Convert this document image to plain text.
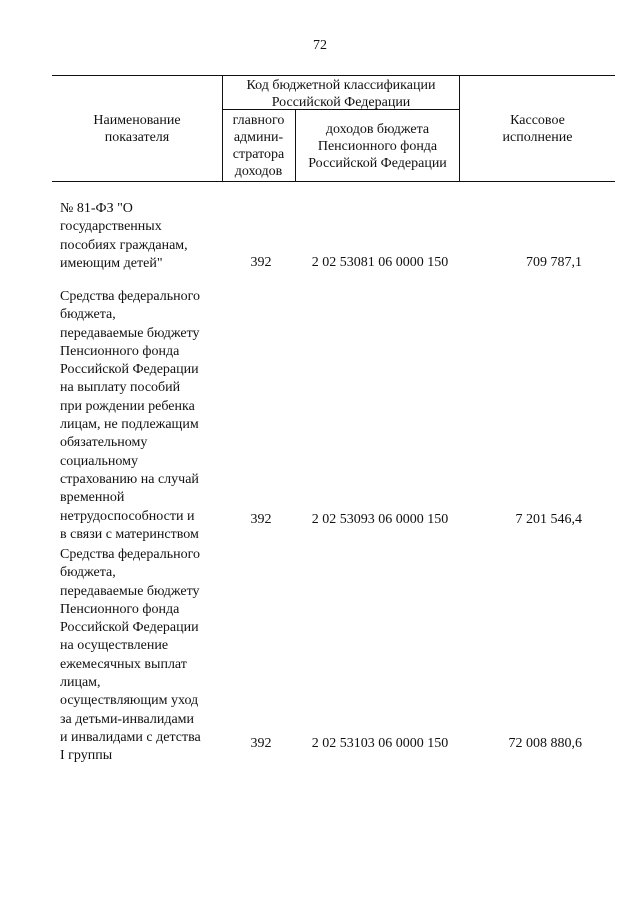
72
Наименование
показателя
Код бюджетной классификации
Российской Федерации
главного
админи-
стратора
доходов
доходов бюджета
Пенсионного фонда
Российской Федерации
Кассовое
исполнение
№ 81-ФЗ "О
государственных
пособиях гражданам,
имеющим детей"	392	2 02 53081 06 0000 150	709 787,1
Средства федерального
бюджета,
передаваемые бюджету
Пенсионного фонда
Российской Федерации
на выплату пособий
при рождении ребенка
лицам, не подлежащим
обязательному
социальному
страхованию на случай
временной
нетрудоспособности и
в связи с материнством
392	2 02 53093 06 0000 150	7 201 546,4
Средства федерального
бюджета,
передаваемые бюджету
Пенсионного фонда
Российской Федерации
на осуществление
ежемесячных выплат
лицам,
осуществляющим уход
за детьми-инвалидами
и инвалидами с детства
I группы
392	2 02 53103 06 0000 150	72 008 880,6
